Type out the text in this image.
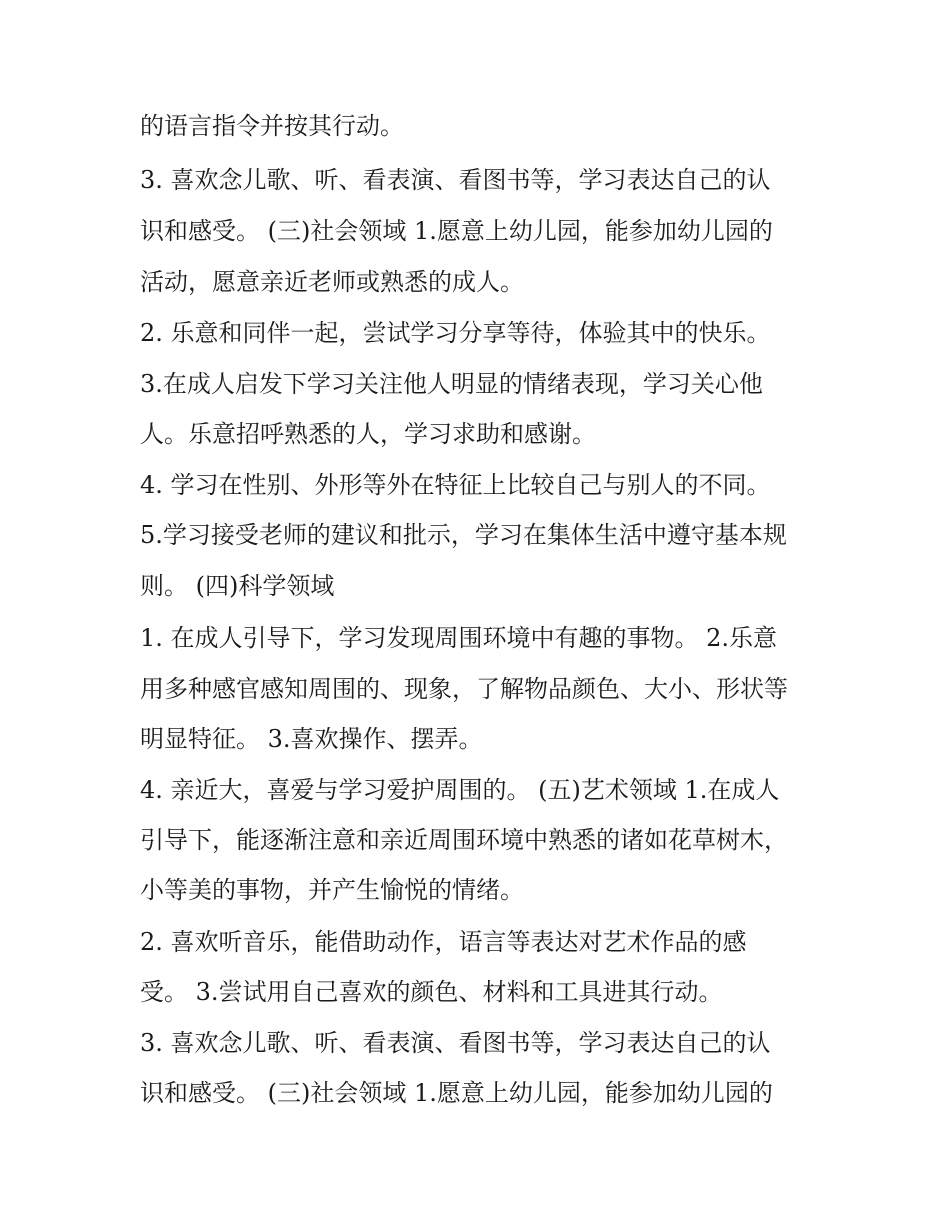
的语言指令并按其行动。
3. 喜欢念儿歌、听、看表演、看图书等，学习表达自己的认
识和感受。 (三)社会领域 1.愿意上幼儿园，能参加幼儿园的
活动，愿意亲近老师或熟悉的成人。
2. 乐意和同伴一起，尝试学习分享等待，体验其中的快乐。
3.在成人启发下学习关注他人明显的情绪表现，学习关心他
人。乐意招呼熟悉的人，学习求助和感谢。
4. 学习在性别、外形等外在特征上比较自己与别人的不同。
5.学习接受老师的建议和批示，学习在集体生活中遵守基本规
则。 (四)科学领域
1. 在成人引导下，学习发现周围环境中有趣的事物。 2.乐意
用多种感官感知周围的、现象，了解物品颜色、大小、形状等
明显特征。 3.喜欢操作、摆弄。
4. 亲近大，喜爱与学习爱护周围的。 (五)艺术领域 1.在成人
引导下，能逐渐注意和亲近周围环境中熟悉的诸如花草树木，
小等美的事物，并产生愉悦的情绪。
2. 喜欢听音乐，能借助动作，语言等表达对艺术作品的感
受。 3.尝试用自己喜欢的颜色、材料和工具进其行动。
3. 喜欢念儿歌、听、看表演、看图书等，学习表达自己的认
识和感受。 (三)社会领域 1.愿意上幼儿园，能参加幼儿园的
